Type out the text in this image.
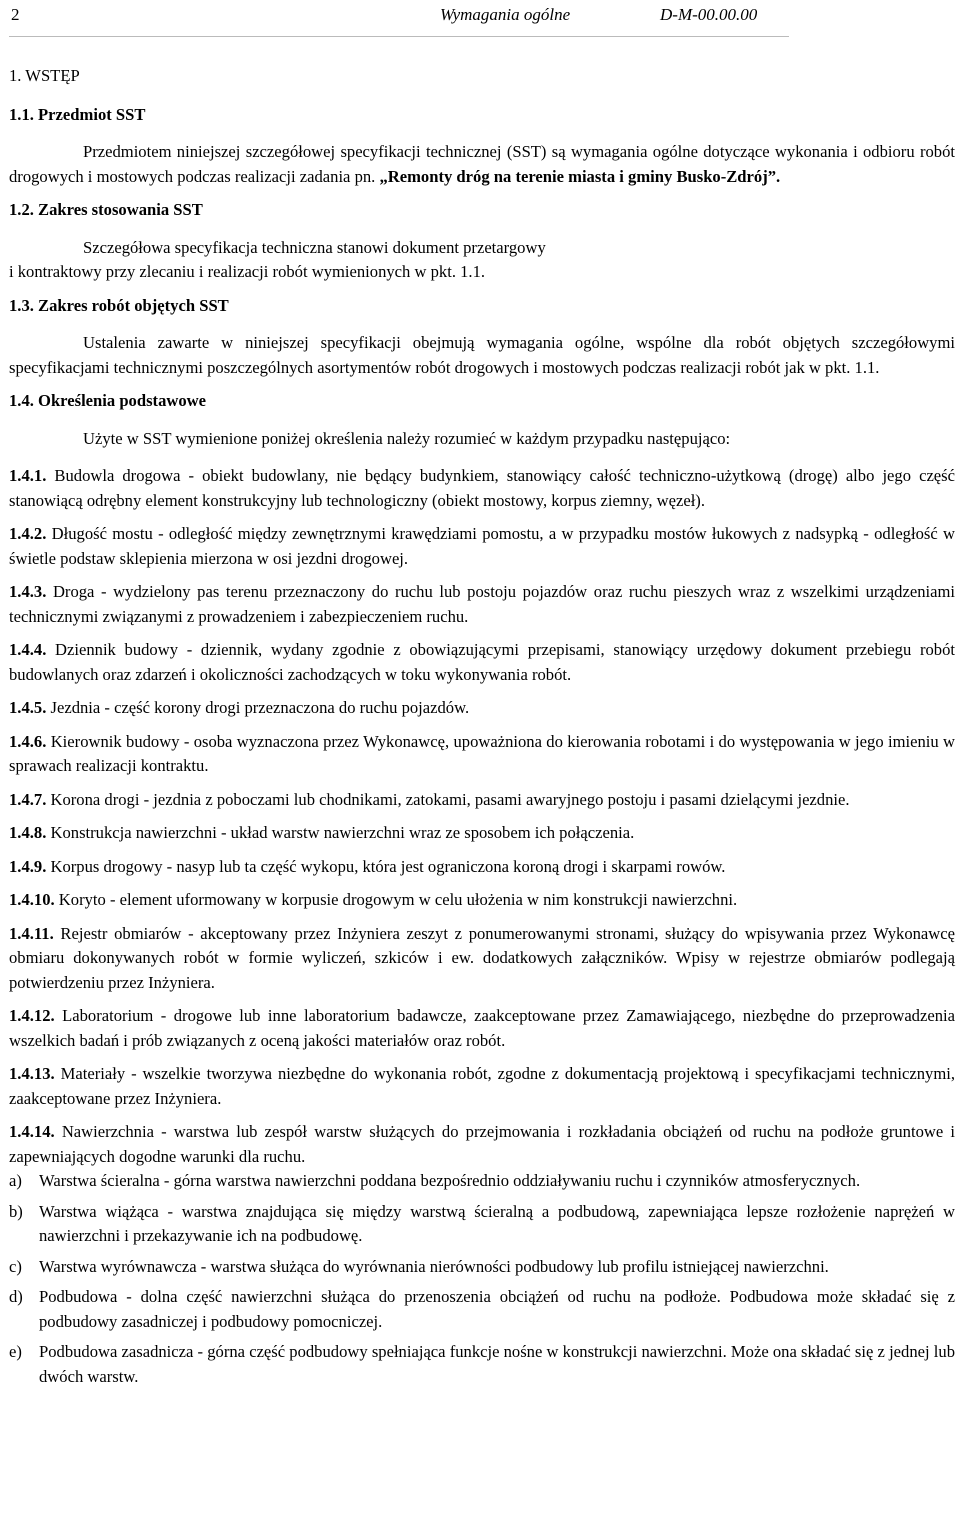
2	Wymagania ogólne	D-M-00.00.00

1. WSTĘP

1.1. Przedmiot SST

Przedmiotem niniejszej szczegółowej specyfikacji technicznej (SST) są wymagania ogólne dotyczące wykonania i odbioru robót drogowych i mostowych podczas realizacji zadania pn. „Remonty dróg na terenie miasta i gminy Busko-Zdrój”.

1.2. Zakres stosowania SST

Szczegółowa specyfikacja techniczna stanowi dokument przetargowy

i kontraktowy przy zlecaniu i realizacji robót wymienionych w pkt. 1.1.

1.3. Zakres robót objętych SST

Ustalenia zawarte w niniejszej specyfikacji obejmują wymagania ogólne, wspólne dla robót objętych szczegółowymi specyfikacjami technicznymi poszczególnych asortymentów robót drogowych i mostowych podczas realizacji robót jak w pkt. 1.1.

1.4. Określenia podstawowe

Użyte w SST wymienione poniżej określenia należy rozumieć w każdym przypadku następująco:

1.4.1. Budowla drogowa - obiekt budowlany, nie będący budynkiem, stanowiący całość techniczno-użytkową (drogę) albo jego część stanowiącą odrębny element konstrukcyjny lub technologiczny (obiekt mostowy, korpus ziemny, węzeł).

1.4.2. Długość mostu - odległość między zewnętrznymi krawędziami pomostu, a w przypadku mostów łukowych z nadsypką - odległość w świetle podstaw sklepienia mierzona w osi jezdni drogowej.

1.4.3. Droga - wydzielony pas terenu przeznaczony do ruchu lub postoju pojazdów oraz ruchu pieszych wraz z wszelkimi urządzeniami technicznymi związanymi z prowadzeniem i zabezpieczeniem ruchu.

1.4.4. Dziennik budowy - dziennik, wydany zgodnie z obowiązującymi przepisami, stanowiący urzędowy dokument przebiegu robót budowlanych oraz zdarzeń i okoliczności zachodzących w toku wykonywania robót.

1.4.5. Jezdnia - część korony drogi przeznaczona do ruchu pojazdów.

1.4.6. Kierownik budowy - osoba wyznaczona przez Wykonawcę, upoważniona do kierowania robotami i do występowania w jego imieniu w sprawach realizacji kontraktu.

1.4.7. Korona drogi - jezdnia z poboczami lub chodnikami, zatokami, pasami awaryjnego postoju i pasami dzielącymi jezdnie.

1.4.8. Konstrukcja nawierzchni - układ warstw nawierzchni wraz ze sposobem ich połączenia.

1.4.9. Korpus drogowy - nasyp lub ta część wykopu, która jest ograniczona koroną drogi i skarpami rowów.

1.4.10. Koryto - element uformowany w korpusie drogowym w celu ułożenia w nim konstrukcji nawierzchni.

1.4.11. Rejestr obmiarów - akceptowany przez Inżyniera zeszyt z ponumerowanymi stronami, służący do wpisywania przez Wykonawcę obmiaru dokonywanych robót w formie wyliczeń, szkiców i ew. dodatkowych załączników. Wpisy w rejestrze obmiarów podlegają potwierdzeniu przez Inżyniera.

1.4.12. Laboratorium - drogowe lub inne laboratorium badawcze, zaakceptowane przez Zamawiającego, niezbędne do przeprowadzenia wszelkich badań i prób związanych z oceną jakości materiałów oraz robót.

1.4.13. Materiały - wszelkie tworzywa niezbędne do wykonania robót, zgodne z dokumentacją projektową i specyfikacjami technicznymi, zaakceptowane przez Inżyniera.

1.4.14. Nawierzchnia - warstwa lub zespół warstw służących do przejmowania i rozkładania obciążeń od ruchu na podłoże gruntowe i zapewniających dogodne warunki dla ruchu.

a)	Warstwa ścieralna - górna warstwa nawierzchni poddana bezpośrednio oddziaływaniu ruchu i czynników atmosferycznych.
b) Warstwa wiążąca - warstwa znajdująca się między warstwą ścieralną a podbudową, zapewniająca lepsze rozłożenie naprężeń w nawierzchni i przekazywanie ich na podbudowę.
c)	Warstwa wyrównawcza - warstwa służąca do wyrównania nierówności podbudowy lub profilu istniejącej nawierzchni.
d) Podbudowa - dolna część nawierzchni służąca do przenoszenia obciążeń od ruchu na podłoże. Podbudowa może składać się z podbudowy zasadniczej i podbudowy pomocniczej.
e)	Podbudowa zasadnicza - górna część podbudowy spełniająca funkcje nośne w konstrukcji nawierzchni. Może ona składać się z jednej lub dwóch warstw.
